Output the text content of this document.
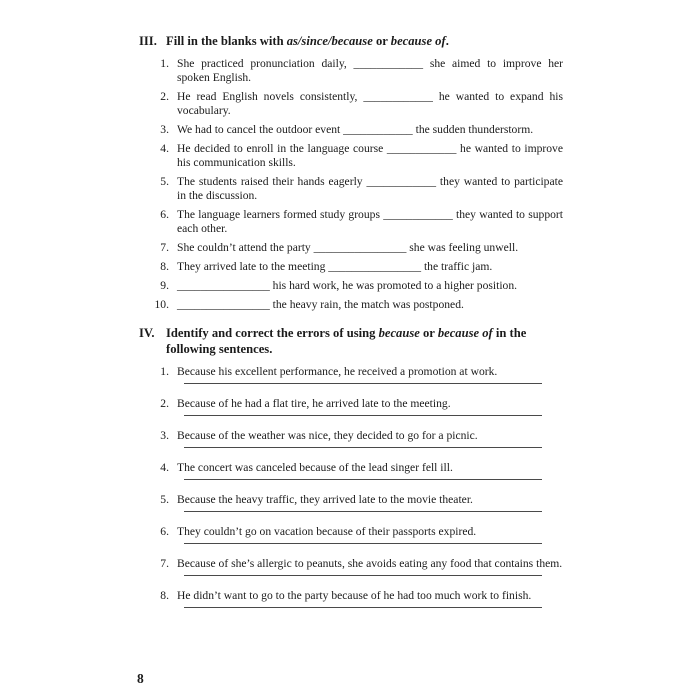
III. Fill in the blanks with as/since/because or because of.
1. She practiced pronunciation daily, ____________ she aimed to improve her spoken English.
2. He read English novels consistently, ____________ he wanted to expand his vocabulary.
3. We had to cancel the outdoor event ____________ the sudden thunderstorm.
4. He decided to enroll in the language course ____________ he wanted to improve his communication skills.
5. The students raised their hands eagerly ____________ they wanted to participate in the discussion.
6. The language learners formed study groups ____________ they wanted to support each other.
7. She couldn’t attend the party ________________ she was feeling unwell.
8. They arrived late to the meeting ________________ the traffic jam.
9. ________________ his hard work, he was promoted to a higher position.
10. ________________ the heavy rain, the match was postponed.
IV. Identify and correct the errors of using because or because of in the following sentences.
1. Because his excellent performance, he received a promotion at work.
2. Because of he had a flat tire, he arrived late to the meeting.
3. Because of the weather was nice, they decided to go for a picnic.
4. The concert was canceled because of the lead singer fell ill.
5. Because the heavy traffic, they arrived late to the movie theater.
6. They couldn’t go on vacation because of their passports expired.
7. Because of she’s allergic to peanuts, she avoids eating any food that contains them.
8. He didn’t want to go to the party because of he had too much work to finish.
8
